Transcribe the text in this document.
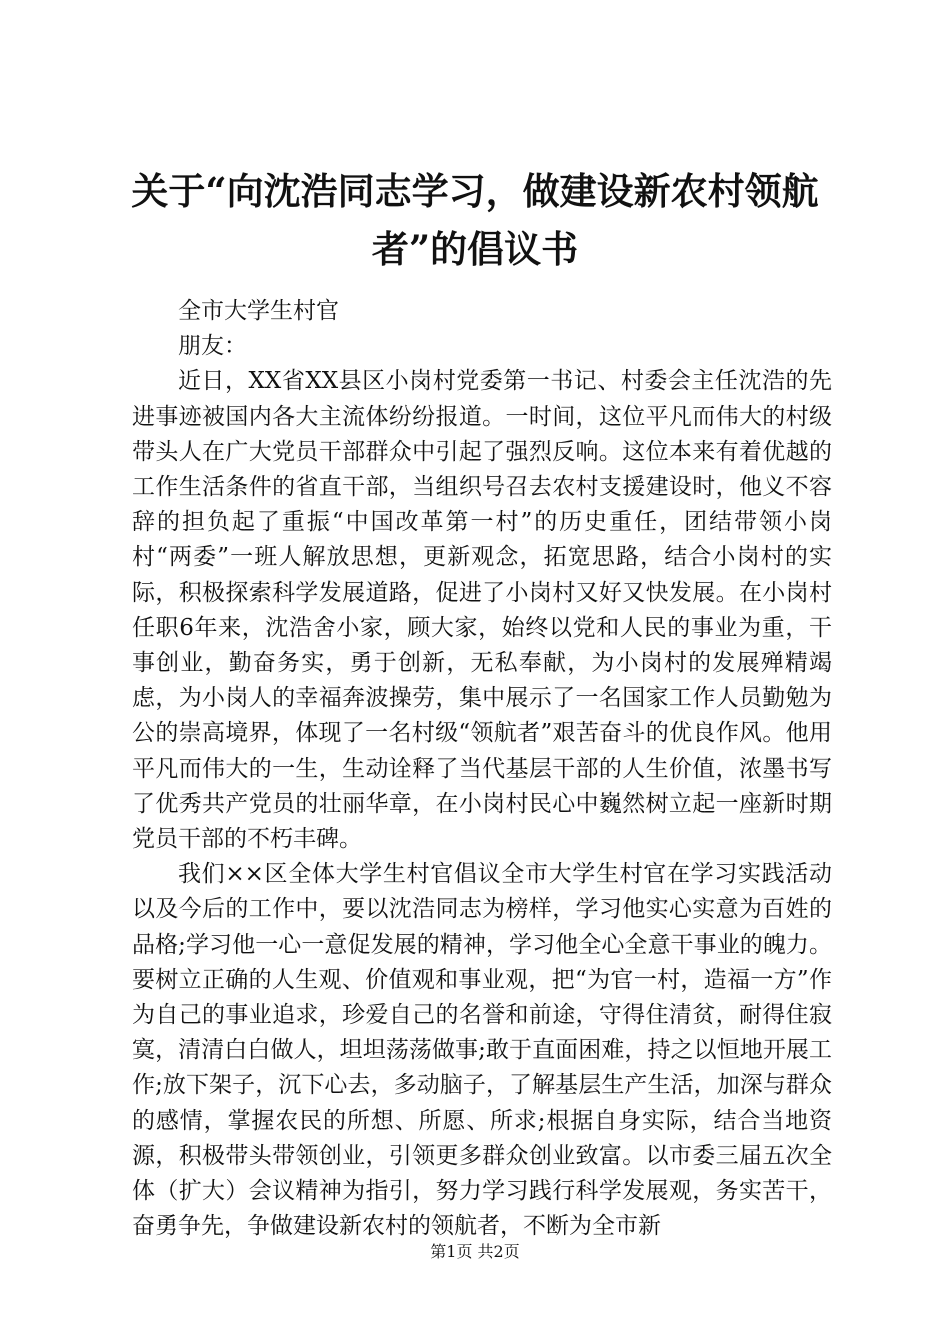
关于“向沈浩同志学习，做建设新农村领航
者”的倡议书

全市大学生村官

朋友：

近日，XX省XX县区小岗村党委第一书记、村委会主任沈浩的先进事迹被国内各大主流体纷纷报道。一时间，这位平凡而伟大的村级带头人在广大党员干部群众中引起了强烈反响。这位本来有着优越的工作生活条件的省直干部，当组织号召去农村支援建设时，他义不容辞的担负起了重振“中国改革第一村”的历史重任，团结带领小岗村“两委”一班人解放思想，更新观念，拓宽思路，结合小岗村的实际，积极探索科学发展道路，促进了小岗村又好又快发展。在小岗村任职6年来，沈浩舍小家，顾大家，始终以党和人民的事业为重，干事创业，勤奋务实，勇于创新，无私奉献，为小岗村的发展殚精竭虑，为小岗人的幸福奔波操劳，集中展示了一名国家工作人员勤勉为公的崇高境界，体现了一名村级“领航者”艰苦奋斗的优良作风。他用平凡而伟大的一生，生动诠释了当代基层干部的人生价值，浓墨书写了优秀共产党员的壮丽华章，在小岗村民心中巍然树立起一座新时期党员干部的不朽丰碑。

我们××区全体大学生村官倡议全市大学生村官在学习实践活动以及今后的工作中，要以沈浩同志为榜样，学习他实心实意为百姓的品格;学习他一心一意促发展的精神，学习他全心全意干事业的魄力。要树立正确的人生观、价值观和事业观，把“为官一村，造福一方”作为自己的事业追求，珍爱自己的名誉和前途，守得住清贫，耐得住寂寞，清清白白做人，坦坦荡荡做事;敢于直面困难，持之以恒地开展工作;放下架子，沉下心去，多动脑子，了解基层生产生活，加深与群众的感情，掌握农民的所想、所愿、所求;根据自身实际，结合当地资源，积极带头带领创业，引领更多群众创业致富。以市委三届五次全体（扩大）会议精神为指引，努力学习践行科学发展观，务实苦干，奋勇争先，争做建设新农村的领航者，不断为全市新

第1页 共2页
